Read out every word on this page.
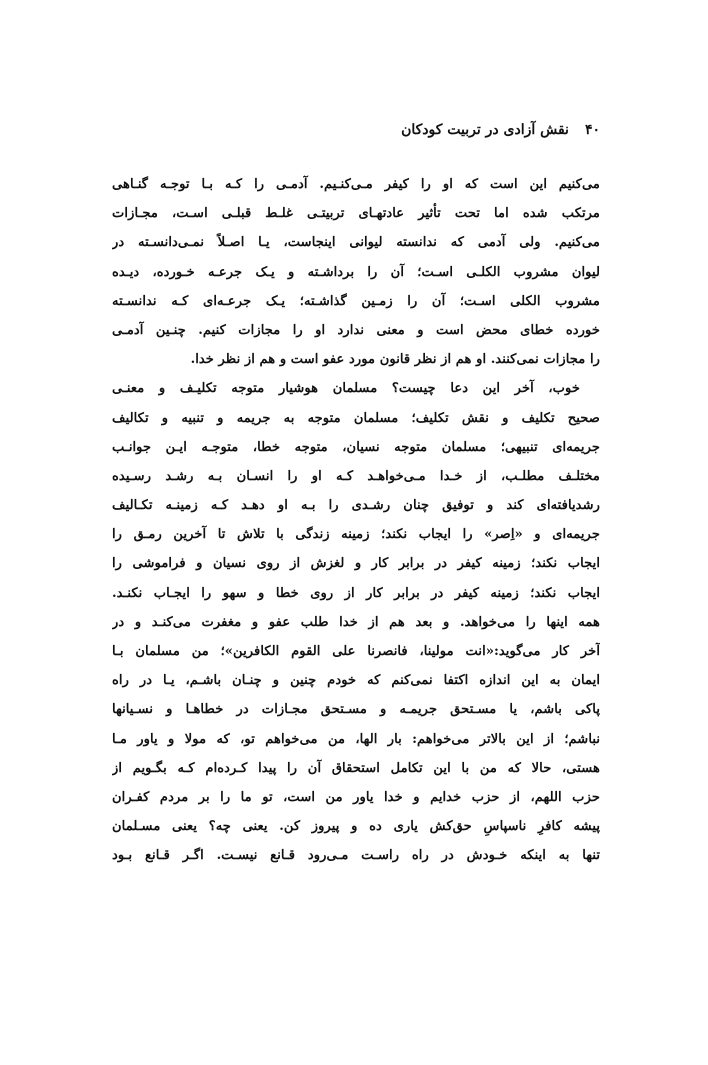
۴۰
نقش آزادی در تربیت کودکان
می‌کنیم این است که او را کیفر مـی‌کنـیم. آدمـی را کـه بـا توجـه گنـاهی
مرتکب شده اما تحت تأثیر عادتهـای تربیتـی غلـط قبلـی اسـت، مجـازات
می‌کنیم. ولی آدمی که ندانسته لیوانی اینجاست، یـا اصـلاً نمـی‌دانسـته در
لیوان مشروب الکلـی اسـت؛ آن را برداشـته و یـک جرعـه خـورده، دیـده
مشروب الکلی اسـت؛ آن را زمـین گذاشـته؛ یـک جرعـه‌ای کـه ندانسـته
خورده خطای محض است و معنی ندارد او را مجازات کنیم. چنـین آدمـی
را مجازات نمی‌کنند. او هم از نظر قانون مورد عفو است و هم از نظر خدا.
خوب، آخر این دعا چیست؟ مسلمان هوشیار متوجه تکلیـف و معنـی
صحیح تکلیف و نقش تکلیف؛ مسلمان متوجه به جریمه و تنبیه و تکالیف
جریمه‌ای تنبیهی؛ مسلمان متوجه نسیان، متوجه خطا، متوجـه ایـن جوانـب
مختلـف مطلـب، از خـدا مـی‌خواهـد کـه او را انسـان بـه رشـد رسـیده
رشدیافته‌ای کند و توفیق چنان رشـدی را بـه او دهـد کـه زمینـه تکـالیف
جریمه‌ای و «اِصر» را ایجاب نکند؛ زمینه زندگی با تلاش تا آخرین رمـق را
ایجاب نکند؛ زمینه کیفر در برابر کار و لغزش از روی نسیان و فراموشی را
ایجاب نکند؛ زمینه کیفر در برابر کار از روی خطا و سهو را ایجـاب نکنـد.
همه اینها را می‌خواهد. و بعد هم از خدا طلب عفو و مغفرت می‌کنـد و در
آخر کار می‌گوید:«انت مولینا، فانصرنا علی القوم الکافرین»؛ من مسلمان بـا
ایمان به این اندازه اکتفا نمی‌کنم که خودم چنین و چنـان باشـم، یـا در راه
پاکی باشم، یا مسـتحق جریمـه و مسـتحق مجـازات در خطاهـا و نسـیانها
نباشم؛ از این بالاتر می‌خواهم: بار الها، من می‌خواهم تو، که مولا و یاور مـا
هستی، حالا که من با این تکامل استحقاق آن را پیدا کـرده‌ام کـه بگـویم از
حزب اللهم، از حزب خدایم و خدا یاور من است، تو ما را بر مردم کفـران
پیشه کافرِ ناسپاسِ حق‌کش یاری ده و پیروز کن. یعنی چه؟ یعنی مسـلمان
تنها به اینکه خـودش در راه راسـت مـی‌رود قـانع نیسـت. اگـر قـانع بـود
